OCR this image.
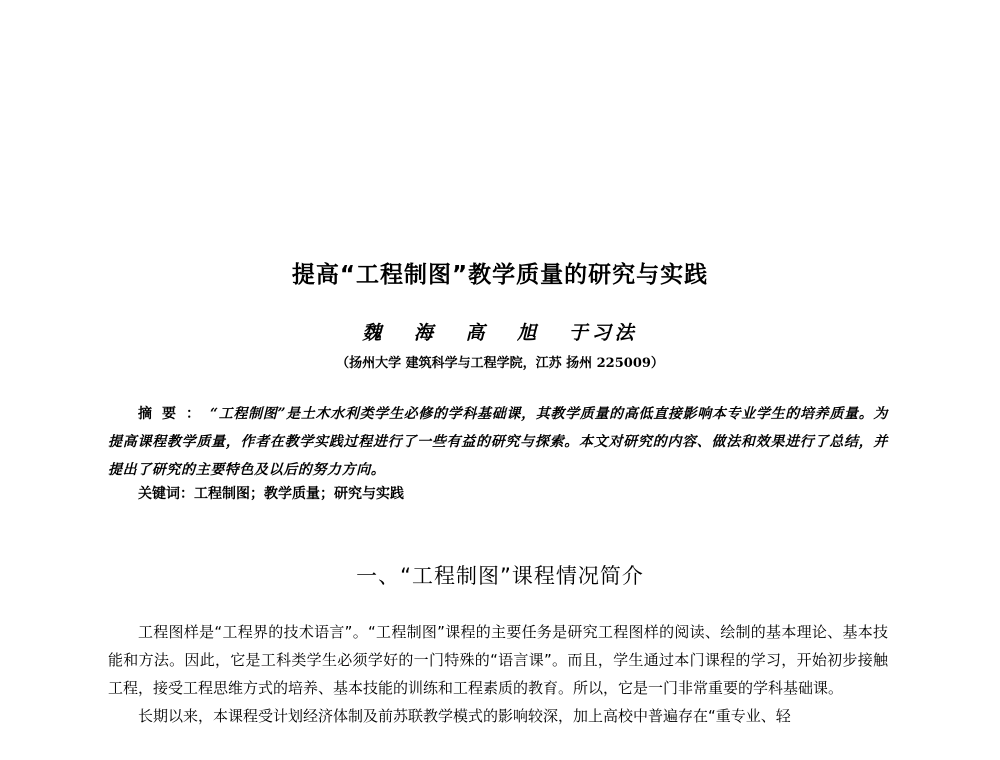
提高“工程制图”教学质量的研究与实践
魏 海 高 旭 于习法
（扬州大学 建筑科学与工程学院，江苏 扬州 225009）
摘要：“工程制图”是土木水利类学生必修的学科基础课，其教学质量的高低直接影响本专业学生的培养质量。为提高课程教学质量，作者在教学实践过程进行了一些有益的研究与探索。本文对研究的内容、做法和效果进行了总结，并提出了研究的主要特色及以后的努力方向。
关键词：工程制图；教学质量；研究与实践
一、“工程制图”课程情况简介

工程图样是“工程界的技术语言”。“工程制图”课程的主要任务是研究工程图样的阅读、绘制的基本理论、基本技能和方法。因此，它是工科类学生必须学好的一门特殊的“语言课”。而且，学生通过本门课程的学习，开始初步接触工程，接受工程思维方式的培养、基本技能的训练和工程素质的教育。所以，它是一门非常重要的学科基础课。

长期以来，本课程受计划经济体制及前苏联教学模式的影响较深，加上高校中普遍存在“重专业、轻
